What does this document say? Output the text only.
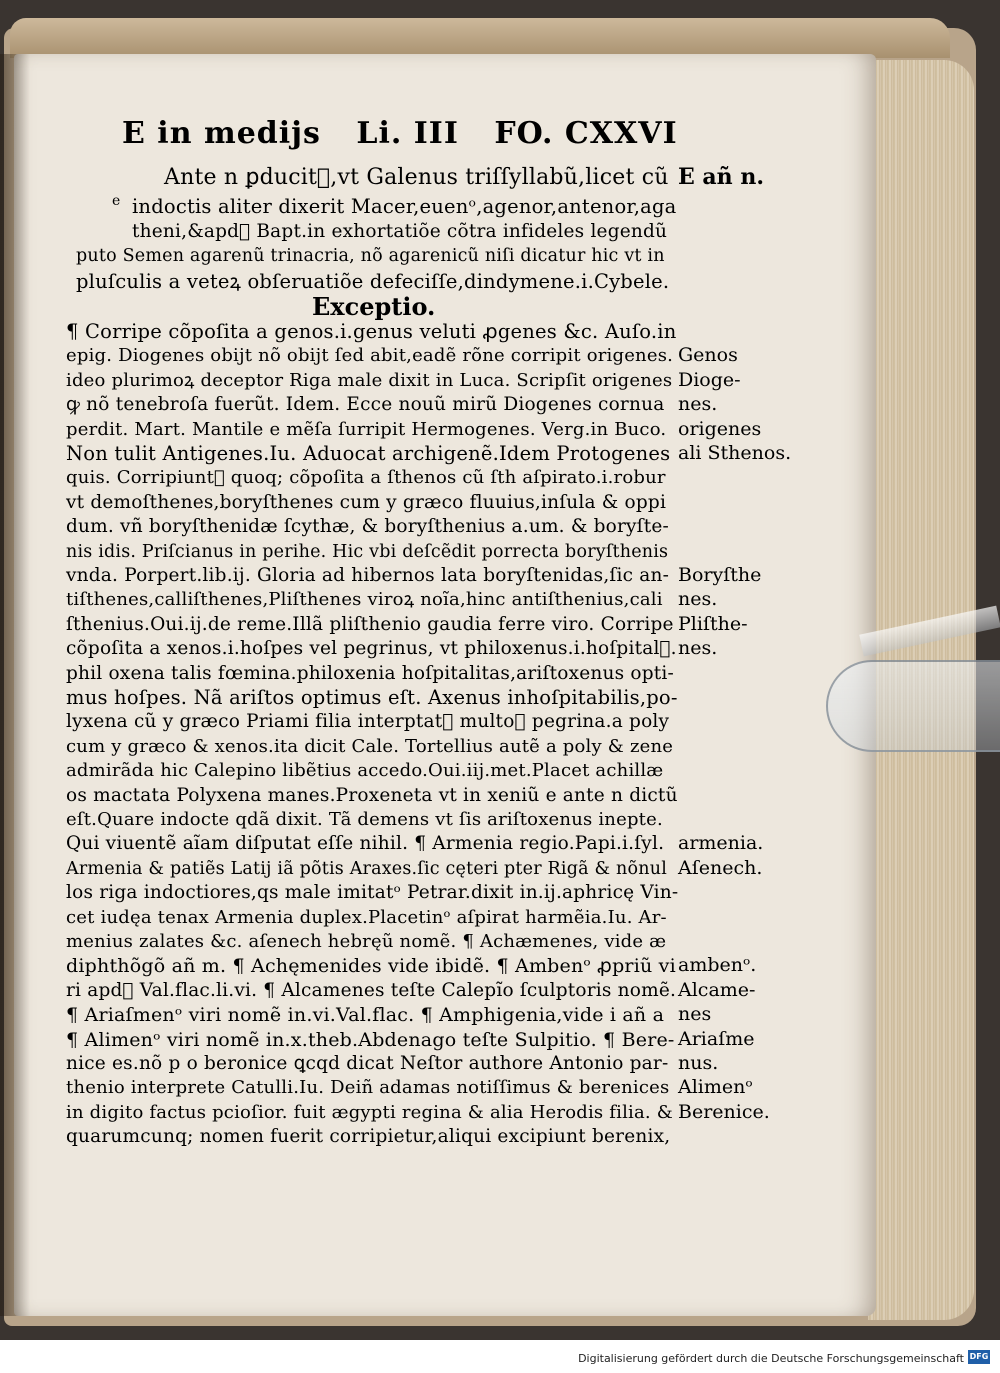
E in medijs Li. III FO. CXXVI
Ante n ꝑducit᷑,vt Galenus triſſyllabũ,licet cũ
indoctis aliter dixerit Macer,euenᵒ,agenor,antenor,aga
theni,&apd᷑ Bapt.in exhortatiõe cõtra infideles legendũ
puto Semen agarenũ trinacria, nõ agarenicũ niſi dicatur hic vt in
pluſculis a veteꝝ obſeruatiõe defeciſſe,dindymene.i.Cybele.
e
E añ n.
Exceptio.
¶ Corripe cõpoſita a genos.i.genus veluti ꝓgenes &c. Auſo.in
epig. Diogenes obijt nõ obijt ſed abit,eadẽ rõne corripit origenes.
ideo plurimoꝝ deceptor Riga male dixit in Luca. Scripſit origenes
ꝙ nõ tenebroſa fuerũt. Idem. Ecce nouũ mirũ Diogenes cornua
perdit. Mart. Mantile e mẽſa ſurripit Hermogenes. Verg.in Buco.
Non tulit Antigenes.Iu. Aduocat archigenẽ.Idem Protogenes
quis. Corripiunt᷑ quoq; cõpoſita a ſthenos cũ ſth aſpirato.i.robur
vt demoſthenes,boryſthenes cum y græco fluuius,inſula & oppi
dum. vñ boryſthenidæ ſcythæ, & boryſthenius a.um. & boryſte-
nis idis. Priſcianus in perihe. Hic vbi deſcẽdit porrecta boryſthenis
vnda. Porpert.lib.ij. Gloria ad hibernos lata boryſtenidas,ſic an-
tiſthenes,calliſthenes,Pliſthenes viroꝝ noĩa,hinc antiſthenius,cali
ſthenius.Oui.ij.de reme.Illã pliſthenio gaudia ferre viro. Corripe
cõpoſita a xenos.i.hoſpes vel pegrinus, vt philoxenus.i.hoſpital᷑.
phil oxena talis fœmina.philoxenia hoſpitalitas,ariſtoxenus opti-
mus hoſpes. Nã ariſtos optimus eſt. Axenus inhoſpitabilis,po-
lyxena cũ y græco Priami filia interptat᷑ multoꝝ pegrina.a poly
cum y græco & xenos.ita dicit Cale. Tortellius autẽ a poly & zene
admirãda hic Calepino libẽtius accedo.Oui.iij.met.Placet achillæ
os mactata Polyxena manes.Proxeneta vt in xeniũ e ante n dictũ
eſt.Quare indocte qdã dixit. Tã demens vt ſis ariſtoxenus inepte.
Qui viuentẽ aĩam diſputat eſſe nihil. ¶ Armenia regio.Papi.i.ſyl.
Armenia & patiẽs Latij iã põtis Araxes.ſic cęteri pter Rigã & nõnul
los riga indoctiores,qs male imitatᵒ Petrar.dixit in.ij.aphricę Vin-
cet iudęa tenax Armenia duplex.Placetinᵒ aſpirat harmẽia.Iu. Ar-
menius zalates &c. aſenech hebręũ nomẽ. ¶ Achæmenes, vide æ
diphthõgõ añ m. ¶ Achęmenides vide ibidẽ. ¶ Ambenᵒ ꝓpriũ vi
ri apd᷑ Val.flac.li.vi. ¶ Alcamenes teſte Calepĩo ſculptoris nomẽ.
¶ Ariaſmenᵒ viri nomẽ in.vi.Val.flac. ¶ Amphigenia,vide i añ a
¶ Alimenᵒ viri nomẽ in.x.theb.Abdenago teſte Sulpitio. ¶ Bere-
nice es.nõ p o beronice ꝗcqd dicat Neſtor authore Antonio par-
thenio interprete Catulli.Iu. Deiñ adamas notiſſimus & berenices
in digito factus pcioſior. fuit ægypti regina & alia Herodis filia. &
quarumcunq; nomen fuerit corripietur,aliqui excipiunt berenix,
Genos
Dioge-
nes.
origenes
ali Sthenos.
Boryſthe
nes.
Pliſthe-
nes.
armenia.
Aſenech.
ambenᵒ.
Alcame-
nes
Ariaſme
nus.
Alimenᵒ
Berenice.
Digitalisierung gefördert durch die Deutsche Forschungsgemeinschaft DFG
